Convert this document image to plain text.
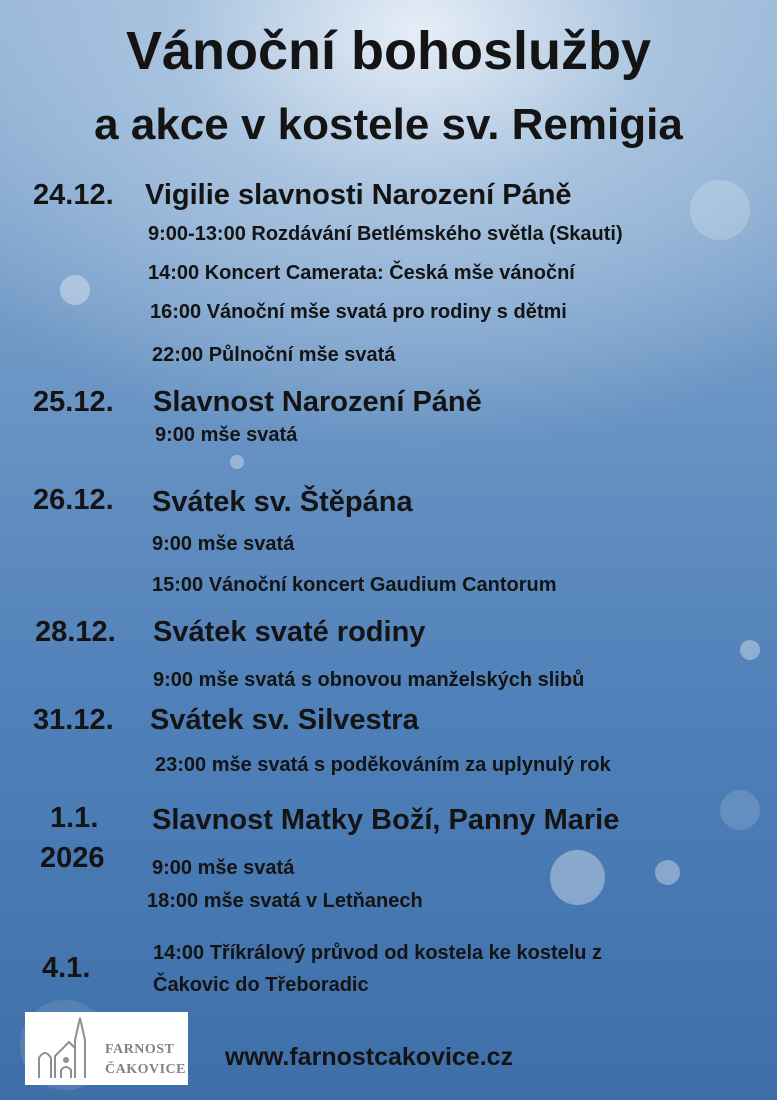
Vánoční bohoslužby
a akce v kostele sv. Remigia
24.12. Vigilie slavnosti Narození Páně
9:00-13:00 Rozdávání Betlémského světla (Skauti)
14:00 Koncert Camerata: Česká mše vánoční
16:00 Vánoční mše svatá pro rodiny s dětmi
22:00 Půlnoční mše svatá
25.12. Slavnost Narození Páně
9:00 mše svatá
26.12. Svátek sv. Štěpána
9:00 mše svatá
15:00 Vánoční koncert Gaudium Cantorum
28.12. Svátek svaté rodiny
9:00 mše svatá s obnovou manželských slibů
31.12. Svátek sv. Silvestra
23:00 mše svatá s poděkováním za uplynulý rok
1.1.
2026
Slavnost Matky Boží, Panny Marie
9:00 mše svatá
18:00 mše svatá v Letňanech
4.1.	14:00 Tříkrálový průvod od kostela ke kostelu z
Čakovic do Třeboradic
FARNOST
ČAKOVICE www.farnostcakovice.cz
